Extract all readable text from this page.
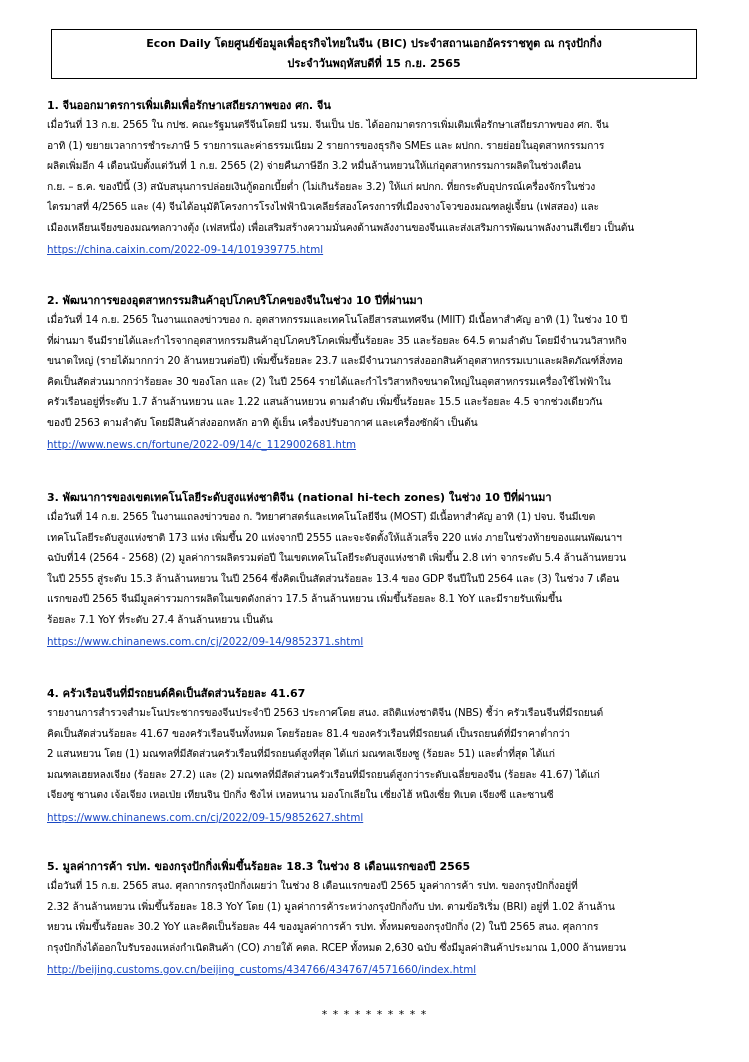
Econ Daily โดยศูนย์ข้อมูลเพื่อธุรกิจไทยในจีน (BIC) ประจำสถานเอกอัครราชทูต ณ กรุงปักกิ่ง
ประจำวันพฤหัสบดีที่ 15 ก.ย. 2565
1. จีนออกมาตรการเพิ่มเติมเพื่อรักษาเสถียรภาพของ ศก. จีน
เมื่อวันที่ 13 ก.ย. 2565 ใน กปช. คณะรัฐมนตรีจีนโดยมี นรม. จีนเป็น ปธ. ได้ออกมาตรการเพิ่มเติมเพื่อรักษาเสถียรภาพของ ศก. จีน
อาทิ (1) ขยายเวลาการชำระภาษี 5 รายการและค่าธรรมเนียม 2 รายการของธุรกิจ SMEs และ ผปกก. รายย่อยในอุตสาหกรรมการ
ผลิตเพิ่มอีก 4 เดือนนับตั้งแต่วันที่ 1 ก.ย. 2565 (2) จ่ายคืนภาษีอีก 3.2 หมื่นล้านหยวนให้แก่อุตสาหกรรมการผลิตในช่วงเดือน
ก.ย. – ธ.ค. ของปีนี้ (3) สนับสนุนการปล่อยเงินกู้ดอกเบี้ยต่ำ (ไม่เกินร้อยละ 3.2) ให้แก่ ผปกก. ที่ยกระดับอุปกรณ์เครื่องจักรในช่วง
ไตรมาสที่ 4/2565 และ (4) จีนได้อนุมัติโครงการโรงไฟฟ้านิวเคลียร์สองโครงการที่เมืองจางโจวของมณฑลฝูเจี้ยน (เฟสสอง) และ
เมืองเหลียนเจียงของมณฑลกวางตุ้ง (เฟสหนึ่ง) เพื่อเสริมสร้างความมั่นคงด้านพลังงานของจีนและส่งเสริมการพัฒนาพลังงานสีเขียว เป็นต้น
https://china.caixin.com/2022-09-14/101939775.html
2. พัฒนาการของอุตสาหกรรมสินค้าอุปโภคบริโภคของจีนในช่วง 10 ปีที่ผ่านมา
เมื่อวันที่ 14 ก.ย. 2565 ในงานแถลงข่าวของ ก. อุตสาหกรรมและเทคโนโลยีสารสนเทศจีน (MIIT) มีเนื้อหาสำคัญ อาทิ (1) ในช่วง 10 ปี
ที่ผ่านมา จีนมีรายได้และกำไรจากอุตสาหกรรมสินค้าอุปโภคบริโภคเพิ่มขึ้นร้อยละ 35 และร้อยละ 64.5 ตามลำดับ โดยมีจำนวนวิสาหกิจ
ขนาดใหญ่ (รายได้มากกว่า 20 ล้านหยวนต่อปี) เพิ่มขึ้นร้อยละ 23.7 และมีจำนวนการส่งออกสินค้าอุตสาหกรรมเบาและผลิตภัณฑ์สิ่งทอ
คิดเป็นสัดส่วนมากกว่าร้อยละ 30 ของโลก และ (2) ในปี 2564 รายได้และกำไรวิสาหกิจขนาดใหญ่ในอุตสาหกรรมเครื่องใช้ไฟฟ้าใน
ครัวเรือนอยู่ที่ระดับ 1.7 ล้านล้านหยวน และ 1.22 แสนล้านหยวน ตามลำดับ เพิ่มขึ้นร้อยละ 15.5 และร้อยละ 4.5 จากช่วงเดียวกัน
ของปี 2563 ตามลำดับ โดยมีสินค้าส่งออกหลัก อาทิ ตู้เย็น เครื่องปรับอากาศ และเครื่องซักผ้า เป็นต้น
http://www.news.cn/fortune/2022-09/14/c_1129002681.htm
3. พัฒนาการของเขตเทคโนโลยีระดับสูงแห่งชาติจีน (national hi-tech zones) ในช่วง 10 ปีที่ผ่านมา
เมื่อวันที่ 14 ก.ย. 2565 ในงานแถลงข่าวของ ก. วิทยาศาสตร์และเทคโนโลยีจีน (MOST) มีเนื้อหาสำคัญ อาทิ (1) ปจบ. จีนมีเขต
เทคโนโลยีระดับสูงแห่งชาติ 173 แห่ง เพิ่มขึ้น 20 แห่งจากปี 2555 และจะจัดตั้งให้แล้วเสร็จ 220 แห่ง ภายในช่วงท้ายของแผนพัฒนาฯ
ฉบับที่14 (2564 - 2568) (2) มูลค่าการผลิตรวมต่อปี ในเขตเทคโนโลยีระดับสูงแห่งชาติ เพิ่มขึ้น 2.8 เท่า จากระดับ 5.4 ล้านล้านหยวน
ในปี 2555 สู่ระดับ 15.3 ล้านล้านหยวน ในปี 2564 ซึ่งคิดเป็นสัดส่วนร้อยละ 13.4 ของ GDP จีนปีในปี 2564 และ (3) ในช่วง 7 เดือน
แรกของปี 2565 จีนมีมูลค่ารวมการผลิตในเขตดังกล่าว 17.5 ล้านล้านหยวน เพิ่มขึ้นร้อยละ 8.1 YoY และมีรายรับเพิ่มขึ้น
ร้อยละ 7.1 YoY ที่ระดับ 27.4 ล้านล้านหยวน เป็นต้น
https://www.chinanews.com.cn/cj/2022/09-14/9852371.shtml
4. ครัวเรือนจีนที่มีรถยนต์คิดเป็นสัดส่วนร้อยละ 41.67
รายงานการสำรวจสำมะโนประชากรของจีนประจำปี 2563 ประกาศโดย สนง. สถิติแห่งชาติจีน (NBS) ชี้ว่า ครัวเรือนจีนที่มีรถยนต์
คิดเป็นสัดส่วนร้อยละ 41.67 ของครัวเรือนจีนทั้งหมด โดยร้อยละ 81.4 ของครัวเรือนที่มีรถยนต์ เป็นรถยนต์ที่มีราคาต่ำกว่า
2 แสนหยวน โดย (1) มณฑลที่มีสัดส่วนครัวเรือนที่มีรถยนต์สูงที่สุด ได้แก่ มณฑลเจียงซู (ร้อยละ 51) และต่ำที่สุด ได้แก่
มณฑลเฮยหลงเจียง (ร้อยละ 27.2) และ (2) มณฑลที่มีสัดส่วนครัวเรือนที่มีรถยนต์สูงกว่าระดับเฉลี่ยของจีน (ร้อยละ 41.67) ได้แก่
เจียงซู ซานตง เจ้อเจียง เหอเป่ย เทียนจิน ปักกิ่ง ชิงไห่ เหอหนาน มองโกเลียใน เซี่ยงไฮ้ หนิงเซี่ย ทิเบต เจียงซี และซานซี
https://www.chinanews.com.cn/cj/2022/09-15/9852627.shtml
5. มูลค่าการค้า รปท. ของกรุงปักกิ่งเพิ่มขึ้นร้อยละ 18.3 ในช่วง 8 เดือนแรกของปี 2565
เมื่อวันที่ 15 ก.ย. 2565 สนง. ศุลกากรกรุงปักกิ่งเผยว่า ในช่วง 8 เดือนแรกของปี 2565 มูลค่าการค้า รปท. ของกรุงปักกิ่งอยู่ที่
2.32 ล้านล้านหยวน เพิ่มขึ้นร้อยละ 18.3 YoY โดย (1) มูลค่าการค้าระหว่างกรุงปักกิ่งกับ ปท. ตามข้อริเริ่ม (BRI) อยู่ที่ 1.02 ล้านล้าน
หยวน เพิ่มขึ้นร้อยละ 30.2 YoY และคิดเป็นร้อยละ 44 ของมูลค่าการค้า รปท. ทั้งหมดของกรุงปักกิ่ง (2) ในปี 2565 สนง. ศุลกากร
กรุงปักกิ่งได้ออกใบรับรองแหล่งกำเนิดสินค้า (CO) ภายใต้ คตล. RCEP ทั้งหมด 2,630 ฉบับ ซึ่งมีมูลค่าสินค้าประมาณ 1,000 ล้านหยวน
http://beijing.customs.gov.cn/beijing_customs/434766/434767/4571660/index.html
* * * * * * * * * *
